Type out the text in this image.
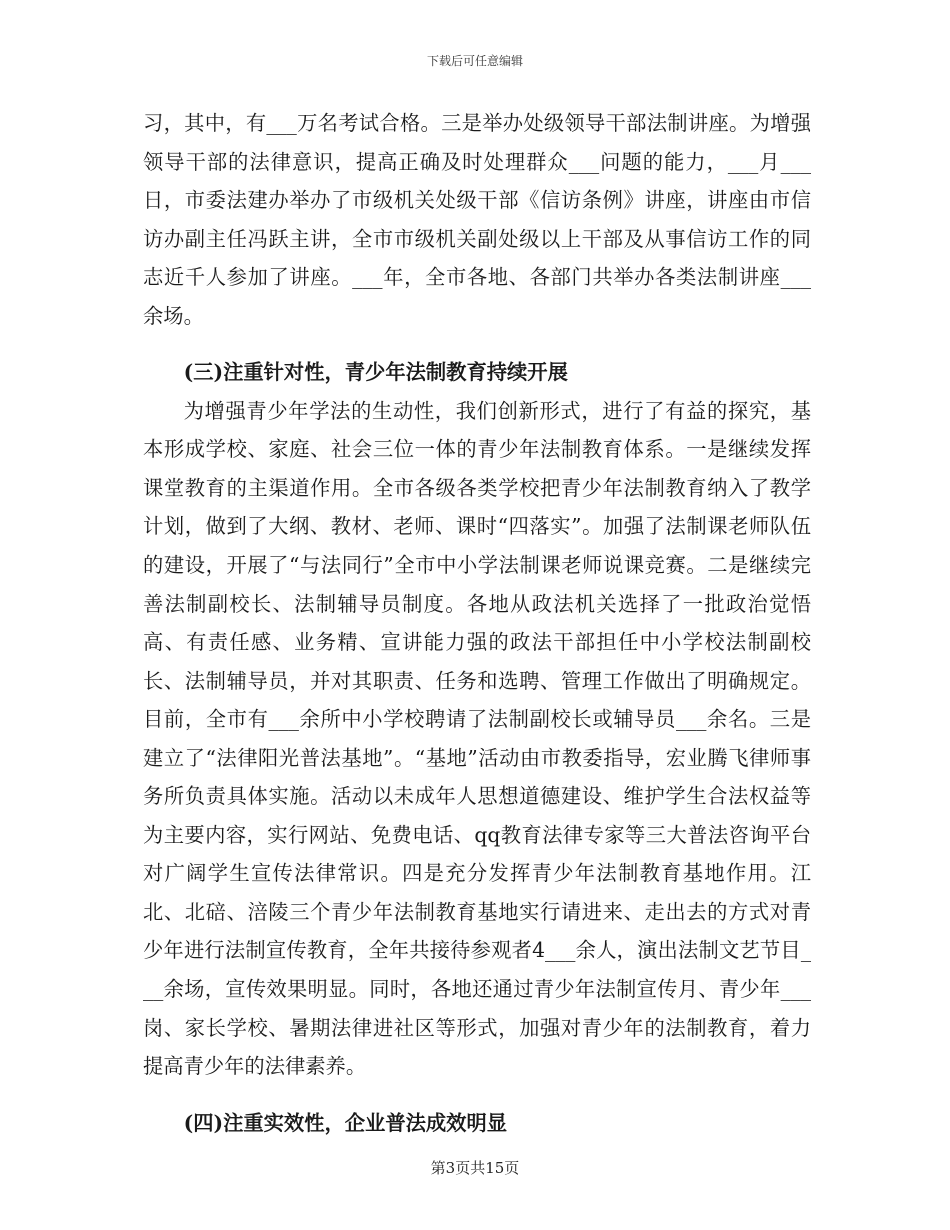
下载后可任意编辑

习，其中，有___万名考试合格。三是举办处级领导干部法制讲座。为增强领导干部的法律意识，提高正确及时处理群众___问题的能力，___月___日，市委法建办举办了市级机关处级干部《信访条例》讲座，讲座由市信访办副主任冯跃主讲，全市市级机关副处级以上干部及从事信访工作的同志近千人参加了讲座。___年，全市各地、各部门共举办各类法制讲座___余场。

(三)注重针对性，青少年法制教育持续开展

为增强青少年学法的生动性，我们创新形式，进行了有益的探究，基本形成学校、家庭、社会三位一体的青少年法制教育体系。一是继续发挥课堂教育的主渠道作用。全市各级各类学校把青少年法制教育纳入了教学计划，做到了大纲、教材、老师、课时“四落实”。加强了法制课老师队伍的建设，开展了“与法同行”全市中小学法制课老师说课竞赛。二是继续完善法制副校长、法制辅导员制度。各地从政法机关选择了一批政治觉悟高、有责任感、业务精、宣讲能力强的政法干部担任中小学校法制副校长、法制辅导员，并对其职责、任务和选聘、管理工作做出了明确规定。目前，全市有___余所中小学校聘请了法制副校长或辅导员___余名。三是建立了“法律阳光普法基地”。“基地”活动由市教委指导，宏业腾飞律师事务所负责具体实施。活动以未成年人思想道德建设、维护学生合法权益等为主要内容，实行网站、免费电话、qq教育法律专家等三大普法咨询平台对广阔学生宣传法律常识。四是充分发挥青少年法制教育基地作用。江北、北碚、涪陵三个青少年法制教育基地实行请进来、走出去的方式对青少年进行法制宣传教育，全年共接待参观者4___余人，演出法制文艺节目___余场，宣传效果明显。同时，各地还通过青少年法制宣传月、青少年___岗、家长学校、暑期法律进社区等形式，加强对青少年的法制教育，着力提高青少年的法律素养。

(四)注重实效性，企业普法成效明显

第3页共15页
